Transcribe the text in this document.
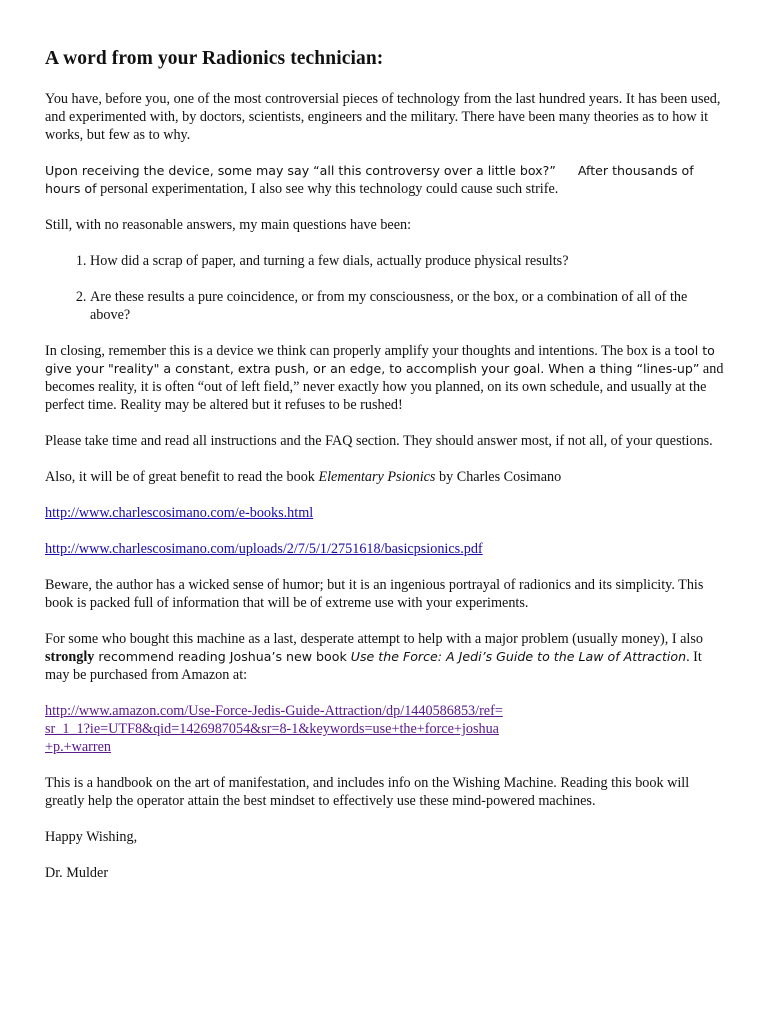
A word from your Radionics technician:

You have, before you, one of the most controversial pieces of technology from the last hundred years. It has been used, and experimented with, by doctors, scientists, engineers and the military. There have been many theories as to how it works, but few as to why.

Upon receiving the device, some may say “all this controversy over a little box?” After thousands of hours of personal experimentation, I also see why this technology could cause such strife.

Still, with no reasonable answers, my main questions have been:

1. How did a scrap of paper, and turning a few dials, actually produce physical results?
2. Are these results a pure coincidence, or from my consciousness, or the box, or a combination of all of the above?

In closing, remember this is a device we think can properly amplify your thoughts and intentions. The box is a tool to give your "reality" a constant, extra push, or an edge, to accomplish your goal. When a thing “lines-up” and becomes reality, it is often “out of left field,” never exactly how you planned, on its own schedule, and usually at the perfect time. Reality may be altered but it refuses to be rushed!

Please take time and read all instructions and the FAQ section. They should answer most, if not all, of your questions.

Also, it will be of great benefit to read the book Elementary Psionics by Charles Cosimano

http://www.charlescosimano.com/e-books.html

http://www.charlescosimano.com/uploads/2/7/5/1/2751618/basicpsionics.pdf

Beware, the author has a wicked sense of humor; but it is an ingenious portrayal of radionics and its simplicity. This book is packed full of information that will be of extreme use with your experiments.

For some who bought this machine as a last, desperate attempt to help with a major problem (usually money), I also strongly recommend reading Joshua’s new book Use the Force: A Jedi’s Guide to the Law of Attraction. It may be purchased from Amazon at:

http://www.amazon.com/Use-Force-Jedis-Guide-Attraction/dp/1440586853/ref=sr_1_1?ie=UTF8&qid=1426987054&sr=8-1&keywords=use+the+force+joshua+p.+warren

This is a handbook on the art of manifestation, and includes info on the Wishing Machine. Reading this book will greatly help the operator attain the best mindset to effectively use these mind-powered machines.

Happy Wishing,

Dr. Mulder
